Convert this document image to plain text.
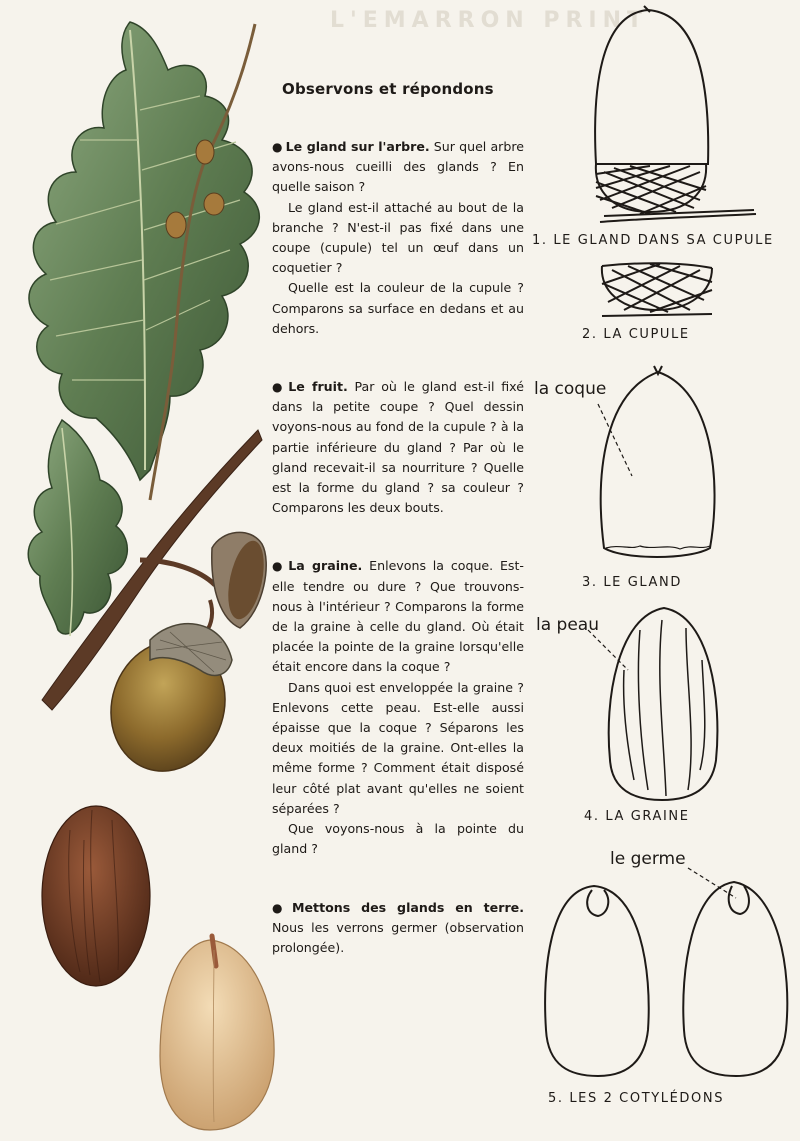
L'EMARRON PRINT
1. LE GLAND DANS SA CUPULE
2. LA CUPULE
3. LE GLAND
4. LA GRAINE
5. LES 2 COTYLÉDONS
la coque
la peau
le germe
Observons et répondons

● Le gland sur l'arbre. Sur quel arbre avons-nous cueilli des glands ? En quelle saison ?

Le gland est-il attaché au bout de la branche ? N'est-il pas fixé dans une coupe (cupule) tel un œuf dans un coquetier ?

Quelle est la couleur de la cupule ? Comparons sa surface en dedans et au dehors.

● Le fruit. Par où le gland est-il fixé dans la petite coupe ? Quel dessin voyons-nous au fond de la cupule ? à la partie inférieure du gland ? Par où le gland recevait-il sa nourriture ? Quelle est la forme du gland ? sa couleur ? Comparons les deux bouts.

● La graine. Enlevons la coque. Est-elle tendre ou dure ? Que trouvons-nous à l'intérieur ? Comparons la forme de la graine à celle du gland. Où était placée la pointe de la graine lorsqu'elle était encore dans la coque ?

Dans quoi est enveloppée la graine ? Enlevons cette peau. Est-elle aussi épaisse que la coque ? Séparons les deux moitiés de la graine. Ont-elles la même forme ? Comment était disposé leur côté plat avant qu'elles ne soient séparées ?

Que voyons-nous à la pointe du gland ?

● Mettons des glands en terre. Nous les verrons germer (observation prolongée).
